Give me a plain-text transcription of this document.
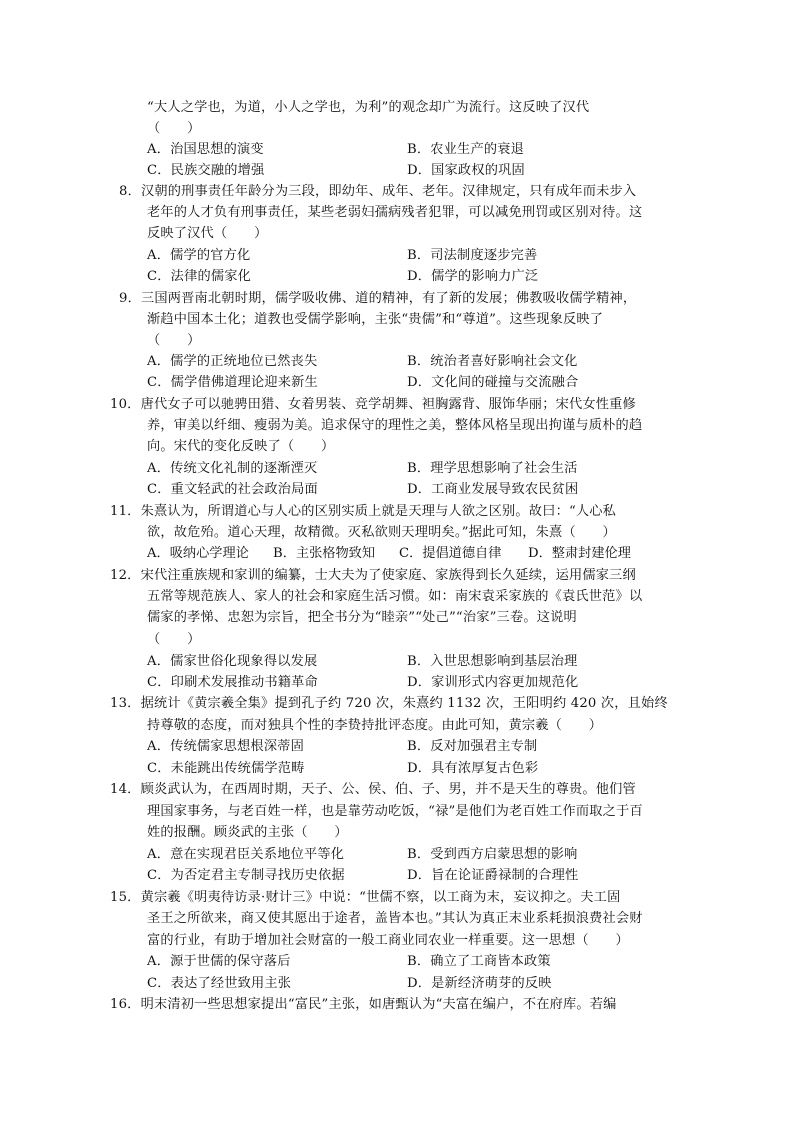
“大人之学也，为道，小人之学也，为利”的观念却广为流行。这反映了汉代
（　　）
A．治国思想的演变	B．农业生产的衰退
C．民族交融的增强	D．国家政权的巩固
8．汉朝的刑事责任年龄分为三段，即幼年、成年、老年。汉律规定，只有成年而未步入
老年的人才负有刑事责任，某些老弱妇孺病残者犯罪，可以减免刑罚或区别对待。这
反映了汉代（　　）
A．儒学的官方化	B．司法制度逐步完善
C．法律的儒家化	D．儒学的影响力广泛
9．三国两晋南北朝时期，儒学吸收佛、道的精神，有了新的发展；佛教吸收儒学精神，
渐趋中国本土化；道教也受儒学影响，主张“贵儒”和“尊道”。这些现象反映了
（　　）
A．儒学的正统地位已然丧失	B．统治者喜好影响社会文化
C．儒学借佛道理论迎来新生	D．文化间的碰撞与交流融合
10．唐代女子可以驰骋田猎、女着男装、竞学胡舞、袒胸露背、服饰华丽；宋代女性重修
养，审美以纤细、瘦弱为美。追求保守的理性之美，整体风格呈现出拘谨与质朴的趋
向。宋代的变化反映了（　　）
A．传统文化礼制的逐渐湮灭	B．理学思想影响了社会生活
C．重文轻武的社会政治局面	D．工商业发展导致农民贫困
11．朱熹认为，所谓道心与人心的区别实质上就是天理与人欲之区别。故曰：“人心私
欲，故危殆。道心天理，故精微。灭私欲则天理明矣。”据此可知，朱熹（　　）
A．吸纳心学理论 B．主张格物致知 C．提倡道德自律 D．整肃封建伦理
12．宋代注重族规和家训的编纂，士大夫为了使家庭、家族得到长久延续，运用儒家三纲
五常等规范族人、家人的社会和家庭生活习惯。如：南宋袁采家族的《袁氏世范》以
儒家的孝悌、忠恕为宗旨，把全书分为“睦亲”“处己”“治家”三卷。这说明
（　　）
A．儒家世俗化现象得以发展	B．入世思想影响到基层治理
C．印刷术发展推动书籍革命	D．家训形式内容更加规范化
13．据统计《黄宗羲全集》提到孔子约 720 次，朱熹约 1132 次，王阳明约 420 次，且始终
持尊敬的态度，而对独具个性的李贽持批评态度。由此可知，黄宗羲（　　）
A．传统儒家思想根深蒂固	B．反对加强君主专制
C．未能跳出传统儒学范畴	D．具有浓厚复古色彩
14．顾炎武认为，在西周时期，天子、公、侯、伯、子、男，并不是天生的尊贵。他们管
理国家事务，与老百姓一样，也是靠劳动吃饭，“禄”是他们为老百姓工作而取之于百
姓的报酬。顾炎武的主张（　　）
A．意在实现君臣关系地位平等化	B．受到西方启蒙思想的影响
C．为否定君主专制寻找历史依据	D．旨在论证爵禄制的合理性
15．黄宗羲《明夷待访录·财计三》中说：“世儒不察，以工商为末，妄议抑之。夫工固
圣王之所欲来，商又使其愿出于途者，盖皆本也。”其认为真正末业系耗损浪费社会财
富的行业，有助于增加社会财富的一般工商业同农业一样重要。这一思想（　　）
A．源于世儒的保守落后	B．确立了工商皆本政策
C．表达了经世致用主张	D．是新经济萌芽的反映
16．明末清初一些思想家提出“富民”主张，如唐甄认为“夫富在编户，不在府库。若编
